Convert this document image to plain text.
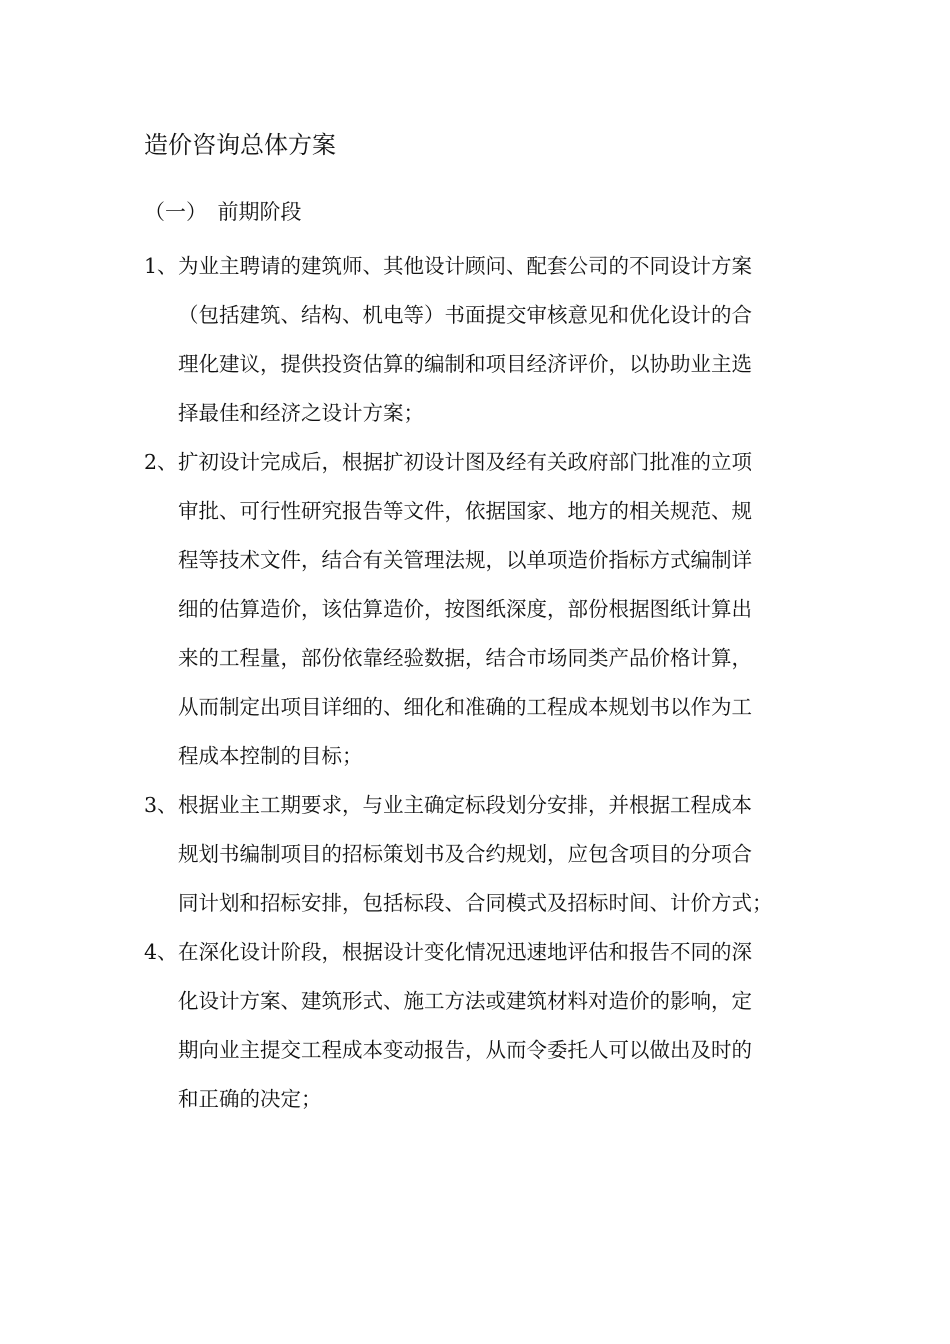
造价咨询总体方案
（一）　前期阶段
1、 为业主聘请的建筑师、其他设计顾问、配套公司的不同设计方案
（包括建筑、结构、机电等）书面提交审核意见和优化设计的合
理化建议，提供投资估算的编制和项目经济评价，以协助业主选
择最佳和经济之设计方案；
2、 扩初设计完成后，根据扩初设计图及经有关政府部门批准的立项
审批、可行性研究报告等文件，依据国家、地方的相关规范、规
程等技术文件，结合有关管理法规，以单项造价指标方式编制详
细的估算造价，该估算造价，按图纸深度，部份根据图纸计算出
来的工程量，部份依靠经验数据，结合市场同类产品价格计算，
从而制定出项目详细的、细化和准确的工程成本规划书以作为工
程成本控制的目标；
3、 根据业主工期要求，与业主确定标段划分安排，并根据工程成本
规划书编制项目的招标策划书及合约规划，应包含项目的分项合
同计划和招标安排，包括标段、合同模式及招标时间、计价方式；
4、 在深化设计阶段，根据设计变化情况迅速地评估和报告不同的深
化设计方案、建筑形式、施工方法或建筑材料对造价的影响，定
期向业主提交工程成本变动报告，从而令委托人可以做出及时的
和正确的决定；
